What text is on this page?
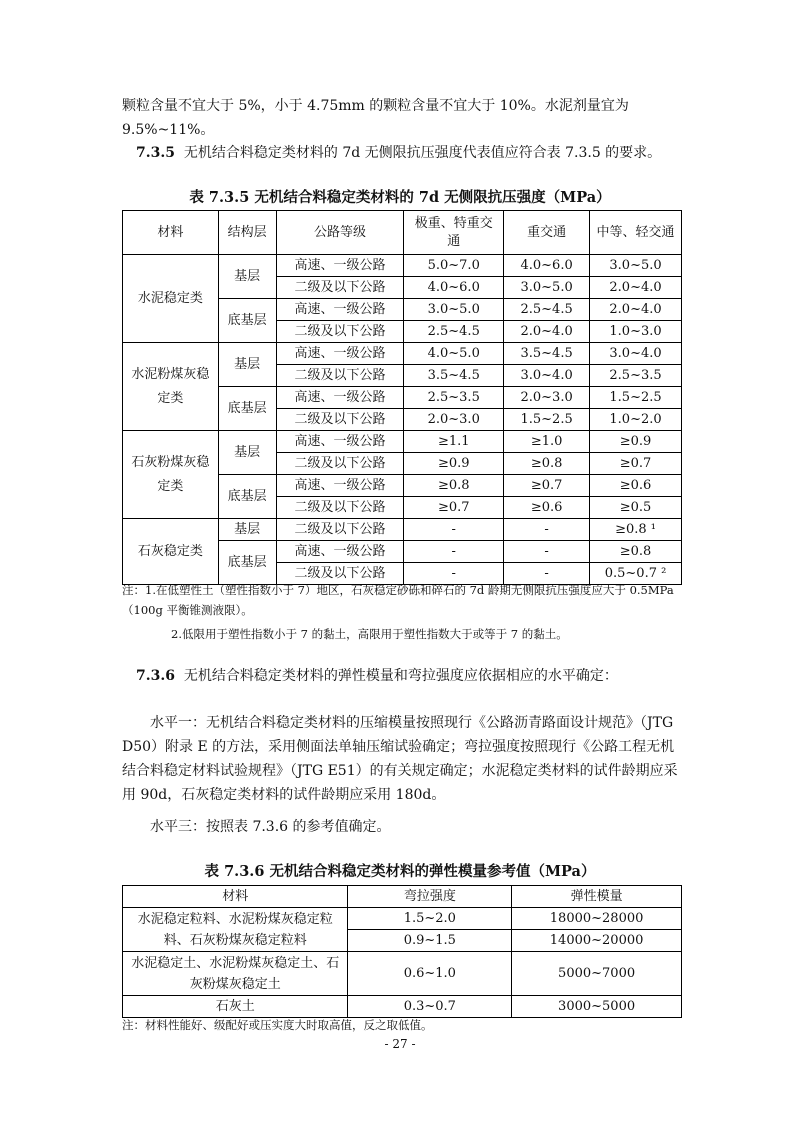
颗粒含量不宜大于 5%，小于 4.75mm 的颗粒含量不宜大于 10%。水泥剂量宜为 9.5%~11%。

7.3.5 无机结合料稳定类材料的 7d 无侧限抗压强度代表值应符合表 7.3.5 的要求。

表 7.3.5 无机结合料稳定类材料的 7d 无侧限抗压强度（MPa）

材料	结构层	公路等级	极重、特重交通	重交通	中等、轻交通
水泥稳定类	基层	高速、一级公路	5.0~7.0	4.0~6.0	3.0~5.0
		二级及以下公路	4.0~6.0	3.0~5.0	2.0~4.0
	底基层	高速、一级公路	3.0~5.0	2.5~4.5	2.0~4.0
		二级及以下公路	2.5~4.5	2.0~4.0	1.0~3.0
水泥粉煤灰稳定类	基层	高速、一级公路	4.0~5.0	3.5~4.5	3.0~4.0
		二级及以下公路	3.5~4.5	3.0~4.0	2.5~3.5
	底基层	高速、一级公路	2.5~3.5	2.0~3.0	1.5~2.5
		二级及以下公路	2.0~3.0	1.5~2.5	1.0~2.0
石灰粉煤灰稳定类	基层	高速、一级公路	≥1.1	≥1.0	≥0.9
		二级及以下公路	≥0.9	≥0.8	≥0.7
	底基层	高速、一级公路	≥0.8	≥0.7	≥0.6
		二级及以下公路	≥0.7	≥0.6	≥0.5
石灰稳定类	基层	二级及以下公路	-	-	≥0.8 ¹
	底基层	高速、一级公路	-	-	≥0.8
		二级及以下公路	-	-	0.5~0.7 ²

注：1.在低塑性土（塑性指数小于 7）地区，石灰稳定砂砾和碎石的 7d 龄期无侧限抗压强度应大于 0.5MPa（100g 平衡锥测液限）。

2.低限用于塑性指数小于 7 的黏土，高限用于塑性指数大于或等于 7 的黏土。

7.3.6 无机结合料稳定类材料的弹性模量和弯拉强度应依据相应的水平确定：

水平一：无机结合料稳定类材料的压缩模量按照现行《公路沥青路面设计规范》（JTG D50）附录 E 的方法，采用侧面法单轴压缩试验确定；弯拉强度按照现行《公路工程无机结合料稳定材料试验规程》（JTG E51）的有关规定确定；水泥稳定类材料的试件龄期应采用 90d，石灰稳定类材料的试件龄期应采用 180d。

水平三：按照表 7.3.6 的参考值确定。

表 7.3.6 无机结合料稳定类材料的弹性模量参考值（MPa）

材料	弯拉强度	弹性模量
水泥稳定粒料、水泥粉煤灰稳定粒料、石灰粉煤灰稳定粒料	1.5~2.0	18000~28000
	0.9~1.5	14000~20000
水泥稳定土、水泥粉煤灰稳定土、石灰粉煤灰稳定土	0.6~1.0	5000~7000
石灰土	0.3~0.7	3000~5000

注：材料性能好、级配好或压实度大时取高值，反之取低值。

- 27 -
